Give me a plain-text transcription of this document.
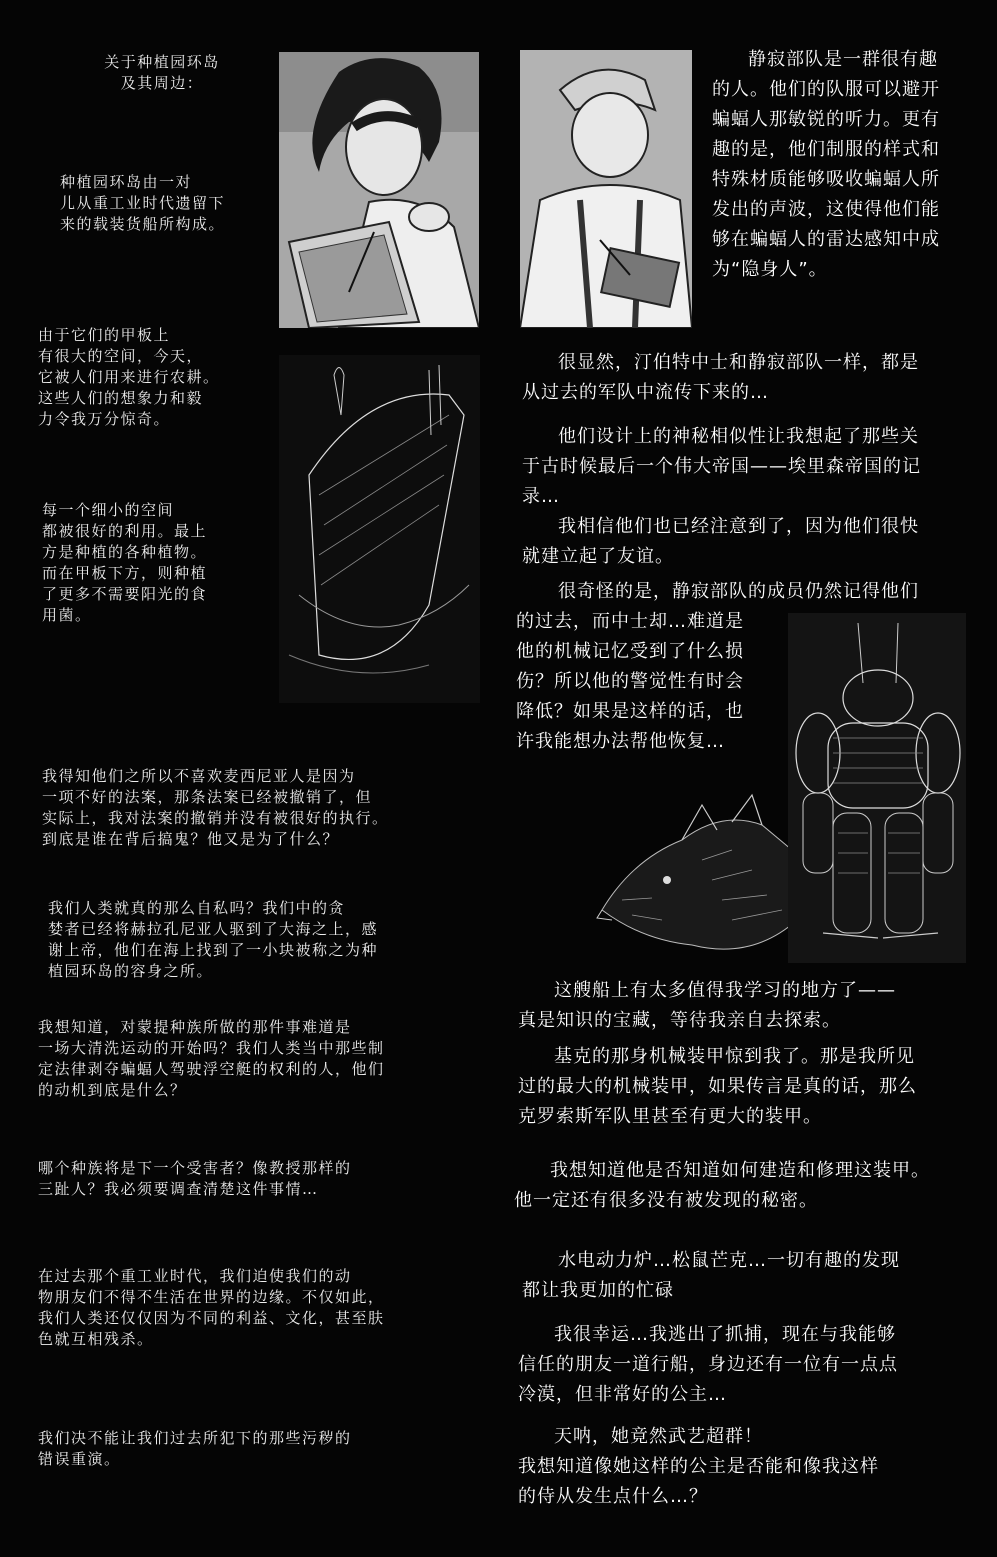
关于种植园环岛
及其周边：
种植园环岛由一对
儿从重工业时代遗留下
来的载装货船所构成。
由于它们的甲板上
有很大的空间，今天，
它被人们用来进行农耕。
这些人们的想象力和毅
力令我万分惊奇。
每一个细小的空间
都被很好的利用。最上
方是种植的各种植物。
而在甲板下方，则种植
了更多不需要阳光的食
用菌。
我得知他们之所以不喜欢麦西尼亚人是因为
一项不好的法案，那条法案已经被撤销了，但
实际上，我对法案的撤销并没有被很好的执行。
到底是谁在背后搞鬼？他又是为了什么？
我们人类就真的那么自私吗？我们中的贪
婪者已经将赫拉孔尼亚人驱到了大海之上，感
谢上帝，他们在海上找到了一小块被称之为种
植园环岛的容身之所。
我想知道，对蒙提种族所做的那件事难道是
一场大清洗运动的开始吗？我们人类当中那些制
定法律剥夺蝙蝠人驾驶浮空艇的权利的人，他们
的动机到底是什么？
哪个种族将是下一个受害者？像教授那样的
三趾人？我必须要调查清楚这件事情…
在过去那个重工业时代，我们迫使我们的动
物朋友们不得不生活在世界的边缘。不仅如此，
我们人类还仅仅因为不同的利益、文化，甚至肤
色就互相残杀。
我们决不能让我们过去所犯下的那些污秽的
错误重演。
静寂部队是一群很有趣
的人。他们的队服可以避开
蝙蝠人那敏锐的听力。更有
趣的是，他们制服的样式和
特殊材质能够吸收蝙蝠人所
发出的声波，这使得他们能
够在蝙蝠人的雷达感知中成
为“隐身人”。
很显然，汀伯特中士和静寂部队一样，都是
从过去的军队中流传下来的…
他们设计上的神秘相似性让我想起了那些关
于古时候最后一个伟大帝国——埃里森帝国的记
录…
我相信他们也已经注意到了，因为他们很快
就建立起了友谊。
很奇怪的是，静寂部队的成员仍然记得他们
的过去，而中士却…难道是
他的机械记忆受到了什么损
伤？所以他的警觉性有时会
降低？如果是这样的话，也
许我能想办法帮他恢复…
这艘船上有太多值得我学习的地方了——
真是知识的宝藏，等待我亲自去探索。
基克的那身机械装甲惊到我了。那是我所见
过的最大的机械装甲，如果传言是真的话，那么
克罗索斯军队里甚至有更大的装甲。
我想知道他是否知道如何建造和修理这装甲。
他一定还有很多没有被发现的秘密。
水电动力炉…松鼠芒克…一切有趣的发现
都让我更加的忙碌
我很幸运…我逃出了抓捕，现在与我能够
信任的朋友一道行船，身边还有一位有一点点
冷漠，但非常好的公主…
天呐，她竟然武艺超群！
我想知道像她这样的公主是否能和像我这样
的侍从发生点什么…？
